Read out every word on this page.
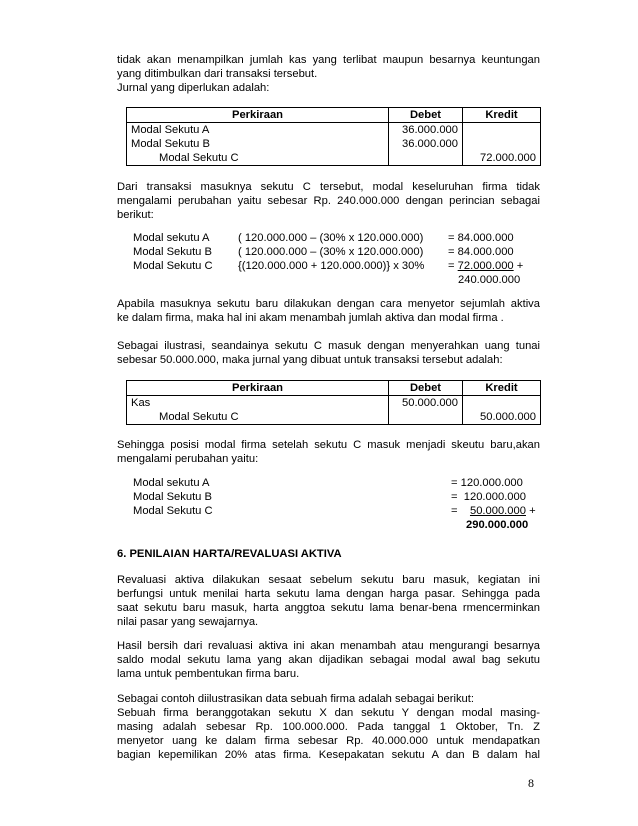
tidak akan menampilkan jumlah kas yang terlibat maupun besarnya keuntungan
yang ditimbulkan dari transaksi tersebut.
Jurnal yang diperlukan adalah:
Perkiraan	Debet	Kredit
Modal Sekutu A	36.000.000	
Modal Sekutu B	36.000.000	
Modal Sekutu C		72.000.000
Dari transaksi masuknya sekutu C tersebut, modal keseluruhan firma tidak
mengalami perubahan yaitu sebesar Rp. 240.000.000 dengan perincian sebagai
berikut:
Modal sekutu A	( 120.000.000 – (30% x 120.000.000) = 84.000.000
Modal Sekutu B ( 120.000.000 – (30% x 120.000.000) = 84.000.000
Modal Sekutu C {(120.000.000 + 120.000.000)} x 30% = 72.000.000 +
240.000.000
Apabila masuknya sekutu baru dilakukan dengan cara menyetor sejumlah aktiva
ke dalam firma, maka hal ini akam menambah jumlah aktiva dan modal firma .
Sebagai ilustrasi, seandainya sekutu C masuk dengan menyerahkan uang tunai
sebesar 50.000.000, maka jurnal yang dibuat untuk transaksi tersebut adalah:
Perkiraan	Debet	Kredit
Kas	50.000.000	
Modal Sekutu C		50.000.000
Sehingga posisi modal firma setelah sekutu C masuk menjadi skeutu baru,akan
mengalami perubahan yaitu:
Modal sekutu A	= 120.000.000
Modal Sekutu B	=  120.000.000
Modal Sekutu C	=    50.000.000 +
290.000.000
6. PENILAIAN HARTA/REVALUASI AKTIVA
Revaluasi aktiva dilakukan sesaat sebelum sekutu baru masuk, kegiatan ini
berfungsi untuk menilai harta sekutu lama dengan harga pasar. Sehingga pada
saat sekutu baru masuk, harta anggtoa sekutu lama benar-bena rmencerminkan
nilai pasar yang sewajarnya.
Hasil bersih dari revaluasi aktiva ini akan menambah atau mengurangi besarnya
saldo modal sekutu lama yang akan dijadikan sebagai modal awal bag sekutu
lama untuk pembentukan firma baru.
Sebagai contoh diilustrasikan data sebuah firma adalah sebagai berikut:
Sebuah firma beranggotakan sekutu X dan sekutu Y dengan modal masing-
masing adalah sebesar Rp. 100.000.000. Pada tanggal 1 Oktober, Tn. Z
menyetor uang ke dalam firma sebesar Rp. 40.000.000 untuk mendapatkan
bagian kepemilikan 20% atas firma. Kesepakatan sekutu A dan B dalam hal
8
